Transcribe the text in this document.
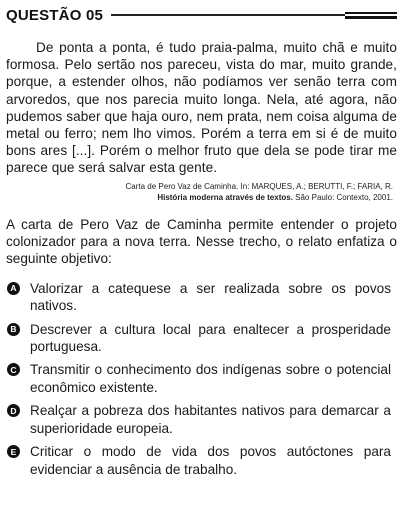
QUESTÃO 05

De ponta a ponta, é tudo praia-palma, muito chã e muito formosa. Pelo sertão nos pareceu, vista do mar, muito grande, porque, a estender olhos, não podíamos ver senão terra com arvoredos, que nos parecia muito longa. Nela, até agora, não pudemos saber que haja ouro, nem prata, nem coisa alguma de metal ou ferro; nem lho vimos. Porém a terra em si é de muito bons ares [...]. Porém o melhor fruto que dela se pode tirar me parece que será salvar esta gente.

Carta de Pero Vaz de Caminha. In: MARQUES, A.; BERUTTI, F.; FARIA, R.
História moderna através de textos. São Paulo: Contexto, 2001.

A carta de Pero Vaz de Caminha permite entender o projeto colonizador para a nova terra. Nesse trecho, o relato enfatiza o seguinte objetivo:

A Valorizar a catequese a ser realizada sobre os povos nativos.
B Descrever a cultura local para enaltecer a prosperidade portuguesa.
C Transmitir o conhecimento dos indígenas sobre o potencial econômico existente.
D Realçar a pobreza dos habitantes nativos para demarcar a superioridade europeia.
E Criticar o modo de vida dos povos autóctones para evidenciar a ausência de trabalho.
